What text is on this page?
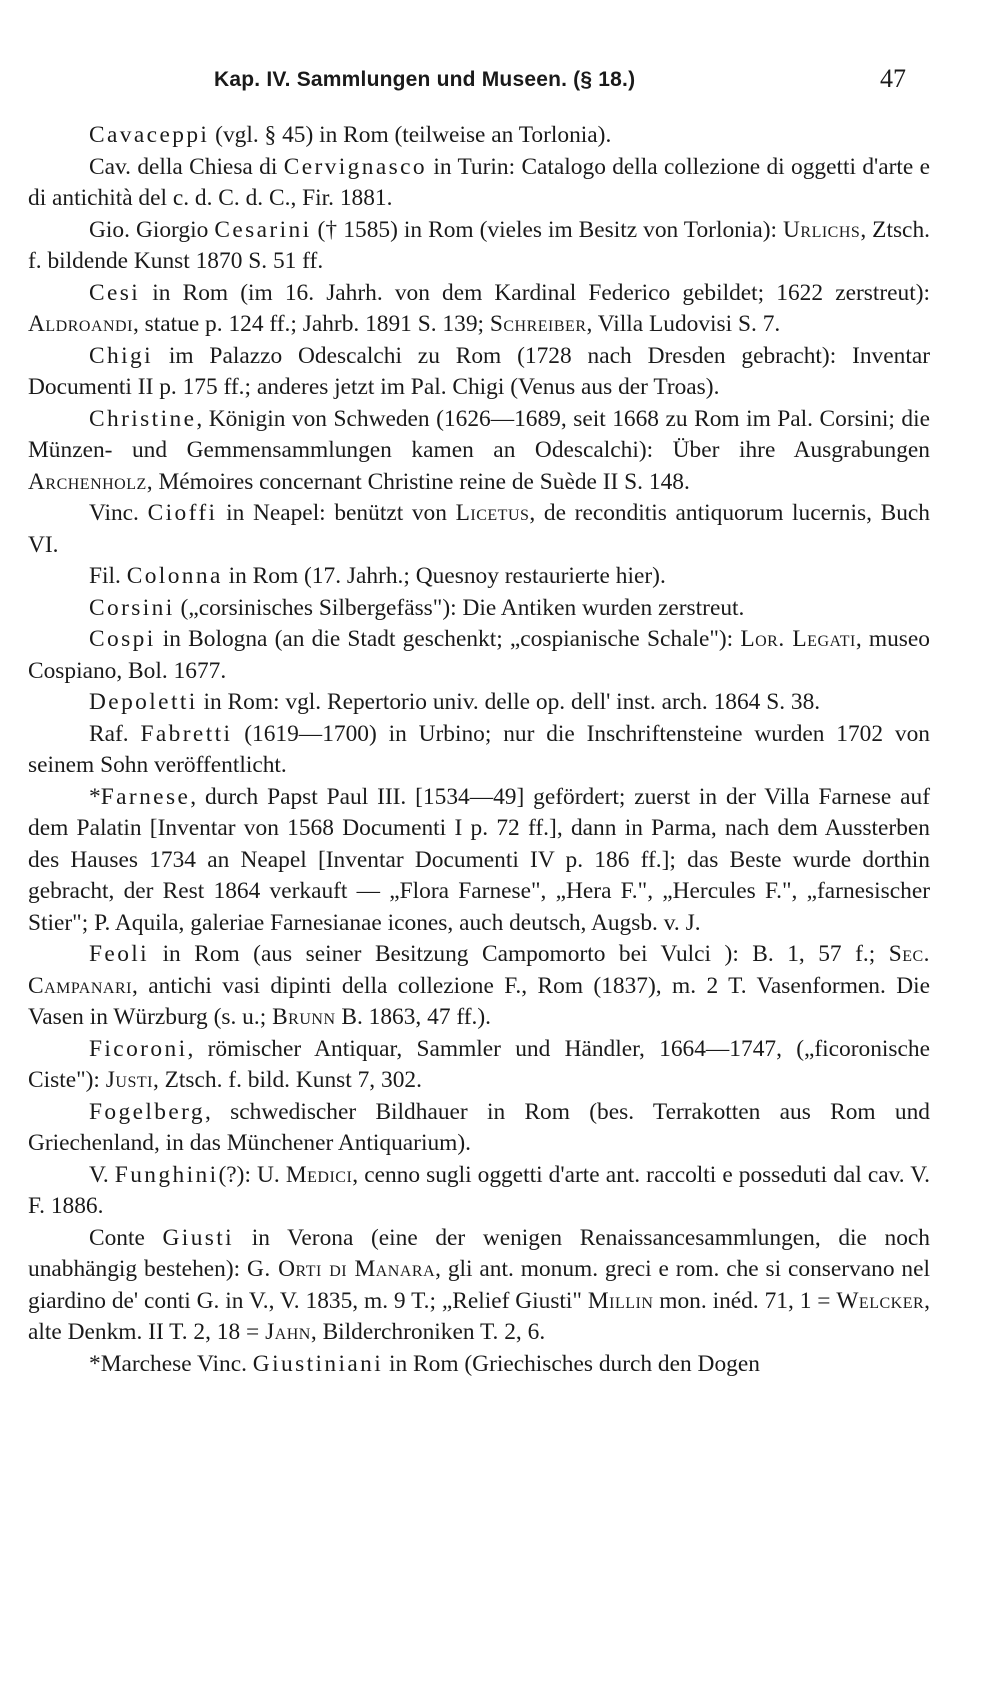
Kap. IV. Sammlungen und Museen. (§ 18.)	47

Cavaceppi (vgl. § 45) in Rom (teilweise an Torlonia).

Cav. della Chiesa di Cervignasco in Turin: Catalogo della collezione di oggetti d'arte e di antichità del c. d. C. d. C., Fir. 1881.

Gio. Giorgio Cesarini († 1585) in Rom (vieles im Besitz von Torlonia): Urlichs, Ztsch. f. bildende Kunst 1870 S. 51 ff.

Cesi in Rom (im 16. Jahrh. von dem Kardinal Federico gebildet; 1622 zerstreut): Aldroandi, statue p. 124 ff.; Jahrb. 1891 S. 139; Schreiber, Villa Ludovisi S. 7.

Chigi im Palazzo Odescalchi zu Rom (1728 nach Dresden gebracht): Inventar Documenti II p. 175 ff.; anderes jetzt im Pal. Chigi (Venus aus der Troas).

Christine, Königin von Schweden (1626—1689, seit 1668 zu Rom im Pal. Corsini; die Münzen- und Gemmensammlungen kamen an Odescalchi): Über ihre Ausgrabungen Archenholz, Mémoires concernant Christine reine de Suède II S. 148.

Vinc. Cioffi in Neapel: benützt von Licetus, de reconditis antiquorum lucernis, Buch VI.

Fil. Colonna in Rom (17. Jahrh.; Quesnoy restaurierte hier).

Corsini („corsinisches Silbergefäss"): Die Antiken wurden zerstreut.

Cospi in Bologna (an die Stadt geschenkt; „cospianische Schale"): Lor. Legati, museo Cospiano, Bol. 1677.

Depoletti in Rom: vgl. Repertorio univ. delle op. dell' inst. arch. 1864 S. 38.

Raf. Fabretti (1619—1700) in Urbino; nur die Inschriftensteine wurden 1702 von seinem Sohn veröffentlicht.

*Farnese, durch Papst Paul III. [1534—49] gefördert; zuerst in der Villa Farnese auf dem Palatin [Inventar von 1568 Documenti I p. 72 ff.], dann in Parma, nach dem Aussterben des Hauses 1734 an Neapel [Inventar Documenti IV p. 186 ff.]; das Beste wurde dorthin gebracht, der Rest 1864 verkauft — „Flora Farnese", „Hera F.", „Hercules F.", „farnesischer Stier"; P. Aquila, galeriae Farnesianae icones, auch deutsch, Augsb. v. J.

Feoli in Rom (aus seiner Besitzung Campomorto bei Vulci ): B. 1, 57 f.; Sec. Campanari, antichi vasi dipinti della collezione F., Rom (1837), m. 2 T. Vasenformen. Die Vasen in Würzburg (s. u.; Brunn B. 1863, 47 ff.).

Ficoroni, römischer Antiquar, Sammler und Händler, 1664—1747, („ficoronische Ciste"): Justi, Ztsch. f. bild. Kunst 7, 302.

Fogelberg, schwedischer Bildhauer in Rom (bes. Terrakotten aus Rom und Griechenland, in das Münchener Antiquarium).

V. Funghini(?): U. Medici, cenno sugli oggetti d'arte ant. raccolti e posseduti dal cav. V. F. 1886.

Conte Giusti in Verona (eine der wenigen Renaissancesammlungen, die noch unabhängig bestehen): G. Orti di Manara, gli ant. monum. greci e rom. che si conservano nel giardino de' conti G. in V., V. 1835, m. 9 T.; „Relief Giusti" Millin mon. inéd. 71, 1 = Welcker, alte Denkm. II T. 2, 18 = Jahn, Bilderchroniken T. 2, 6.

*Marchese Vinc. Giustiniani in Rom (Griechisches durch den Dogen
